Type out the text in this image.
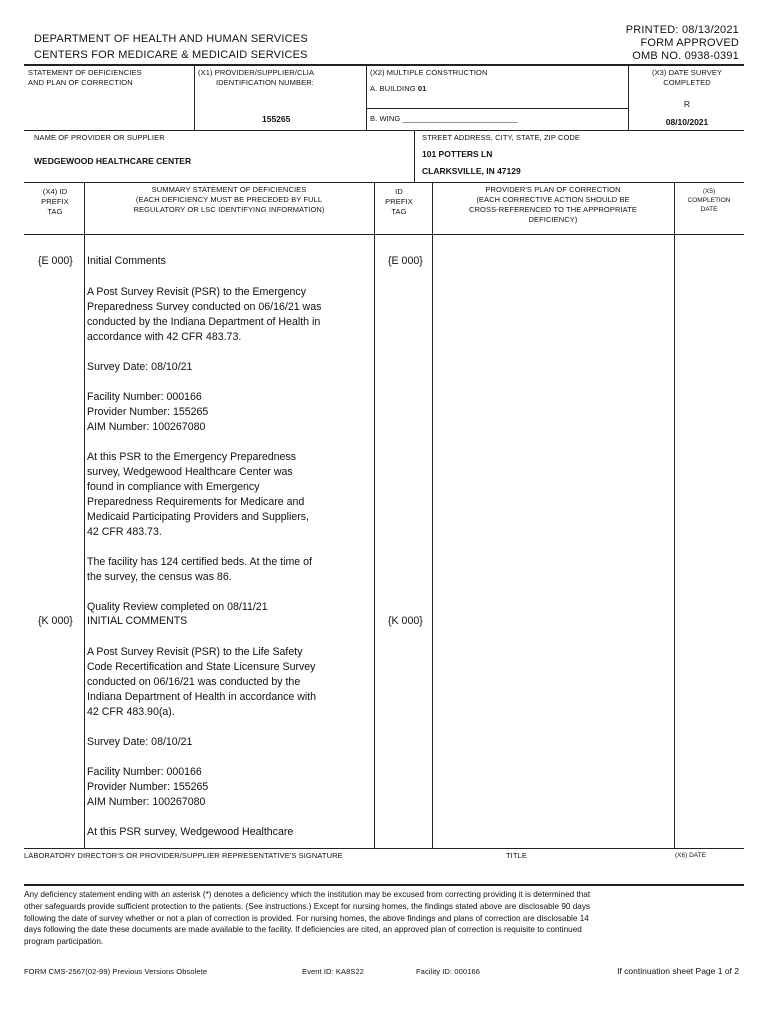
DEPARTMENT OF HEALTH AND HUMAN SERVICES
CENTERS FOR MEDICARE & MEDICAID SERVICES
PRINTED: 08/13/2021
FORM APPROVED
OMB NO. 0938-0391
STATEMENT OF DEFICIENCIES
AND PLAN OF CORRECTION
(X1) PROVIDER/SUPPLIER/CLIA
IDENTIFICATION NUMBER:
155265
(X2) MULTIPLE CONSTRUCTION
A. BUILDING 01
B. WING ___________________________
(X3) DATE SURVEY
COMPLETED
R
08/10/2021
NAME OF PROVIDER OR SUPPLIER
WEDGEWOOD HEALTHCARE CENTER
STREET ADDRESS, CITY, STATE, ZIP CODE
101 POTTERS LN
CLARKSVILLE, IN 47129
(X4) ID
PREFIX
TAG
SUMMARY STATEMENT OF DEFICIENCIES
(EACH DEFICIENCY MUST BE PRECEDED BY FULL
REGULATORY OR LSC IDENTIFYING INFORMATION)
ID
PREFIX
TAG
PROVIDER'S PLAN OF CORRECTION
(EACH CORRECTIVE ACTION SHOULD BE
CROSS-REFERENCED TO THE APPROPRIATE
DEFICIENCY)
(X5)
COMPLETION
DATE
{E 000}	{E 000}
Initial Comments
A Post Survey Revisit (PSR) to the Emergency
Preparedness Survey conducted on 06/16/21 was
conducted by the Indiana Department of Health in
accordance with 42 CFR 483.73.
Survey Date: 08/10/21
Facility Number: 000166
Provider Number: 155265
AIM Number: 100267080
At this PSR to the Emergency Preparedness
survey, Wedgewood Healthcare Center was
found in compliance with Emergency
Preparedness Requirements for Medicare and
Medicaid Participating Providers and Suppliers,
42 CFR 483.73.
The facility has 124 certified beds. At the time of
the survey, the census was 86.
Quality Review completed on 08/11/21
{K 000}	{K 000}
INITIAL COMMENTS
A Post Survey Revisit (PSR) to the Life Safety
Code Recertification and State Licensure Survey
conducted on 06/16/21 was conducted by the
Indiana Department of Health in accordance with
42 CFR 483.90(a).
Survey Date: 08/10/21
Facility Number: 000166
Provider Number: 155265
AIM Number: 100267080
At this PSR survey, Wedgewood Healthcare
LABORATORY DIRECTOR'S OR PROVIDER/SUPPLIER REPRESENTATIVE'S SIGNATURE	TITLE	(X6) DATE
Any deficiency statement ending with an asterisk (*) denotes a deficiency which the institution may be excused from correcting providing it is determined that
other safeguards provide sufficient protection to the patients. (See instructions.) Except for nursing homes, the findings stated above are disclosable 90 days
following the date of survey whether or not a plan of correction is provided. For nursing homes, the above findings and plans of correction are disclosable 14
days following the date these documents are made available to the facility. If deficiencies are cited, an approved plan of correction is requisite to continued
program participation.
FORM CMS-2567(02-99) Previous Versions Obsolete	Event ID: KA8S22	Facility ID: 000166	If continuation sheet Page 1 of 2
